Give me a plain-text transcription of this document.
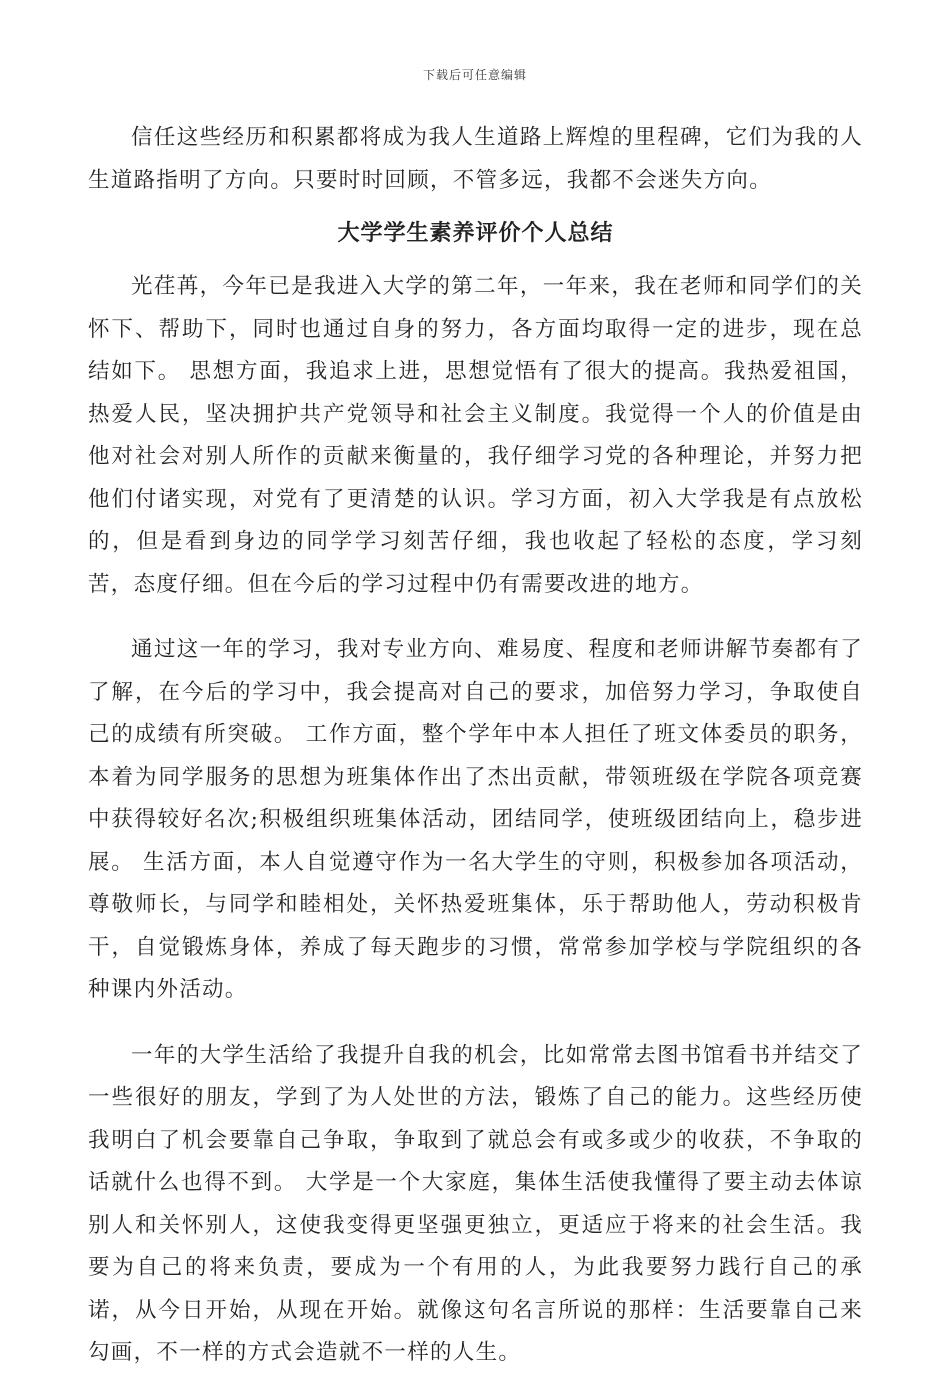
下载后可任意编辑

信任这些经历和积累都将成为我人生道路上辉煌的里程碑，它们为我的人生道路指明了方向。只要时时回顾，不管多远，我都不会迷失方向。

大学学生素养评价个人总结

光荏苒，今年已是我进入大学的第二年，一年来，我在老师和同学们的关怀下、帮助下，同时也通过自身的努力，各方面均取得一定的进步，现在总结如下。 思想方面，我追求上进，思想觉悟有了很大的提高。我热爱祖国，热爱人民，坚决拥护共产党领导和社会主义制度。我觉得一个人的价值是由他对社会对别人所作的贡献来衡量的，我仔细学习党的各种理论，并努力把他们付诸实现，对党有了更清楚的认识。学习方面，初入大学我是有点放松的，但是看到身边的同学学习刻苦仔细，我也收起了轻松的态度，学习刻苦，态度仔细。但在今后的学习过程中仍有需要改进的地方。

通过这一年的学习，我对专业方向、难易度、程度和老师讲解节奏都有了了解，在今后的学习中，我会提高对自己的要求，加倍努力学习，争取使自己的成绩有所突破。 工作方面，整个学年中本人担任了班文体委员的职务，本着为同学服务的思想为班集体作出了杰出贡献，带领班级在学院各项竞赛中获得较好名次;积极组织班集体活动，团结同学，使班级团结向上，稳步进展。 生活方面，本人自觉遵守作为一名大学生的守则，积极参加各项活动，尊敬师长，与同学和睦相处，关怀热爱班集体，乐于帮助他人，劳动积极肯干，自觉锻炼身体，养成了每天跑步的习惯，常常参加学校与学院组织的各种课内外活动。

一年的大学生活给了我提升自我的机会，比如常常去图书馆看书并结交了一些很好的朋友，学到了为人处世的方法，锻炼了自己的能力。这些经历使我明白了机会要靠自己争取，争取到了就总会有或多或少的收获，不争取的话就什么也得不到。 大学是一个大家庭，集体生活使我懂得了要主动去体谅别人和关怀别人，这使我变得更坚强更独立，更适应于将来的社会生活。我要为自己的将来负责，要成为一个有用的人，为此我要努力践行自己的承诺，从今日开始，从现在开始。就像这句名言所说的那样：生活要靠自己来勾画，不一样的方式会造就不一样的人生。
